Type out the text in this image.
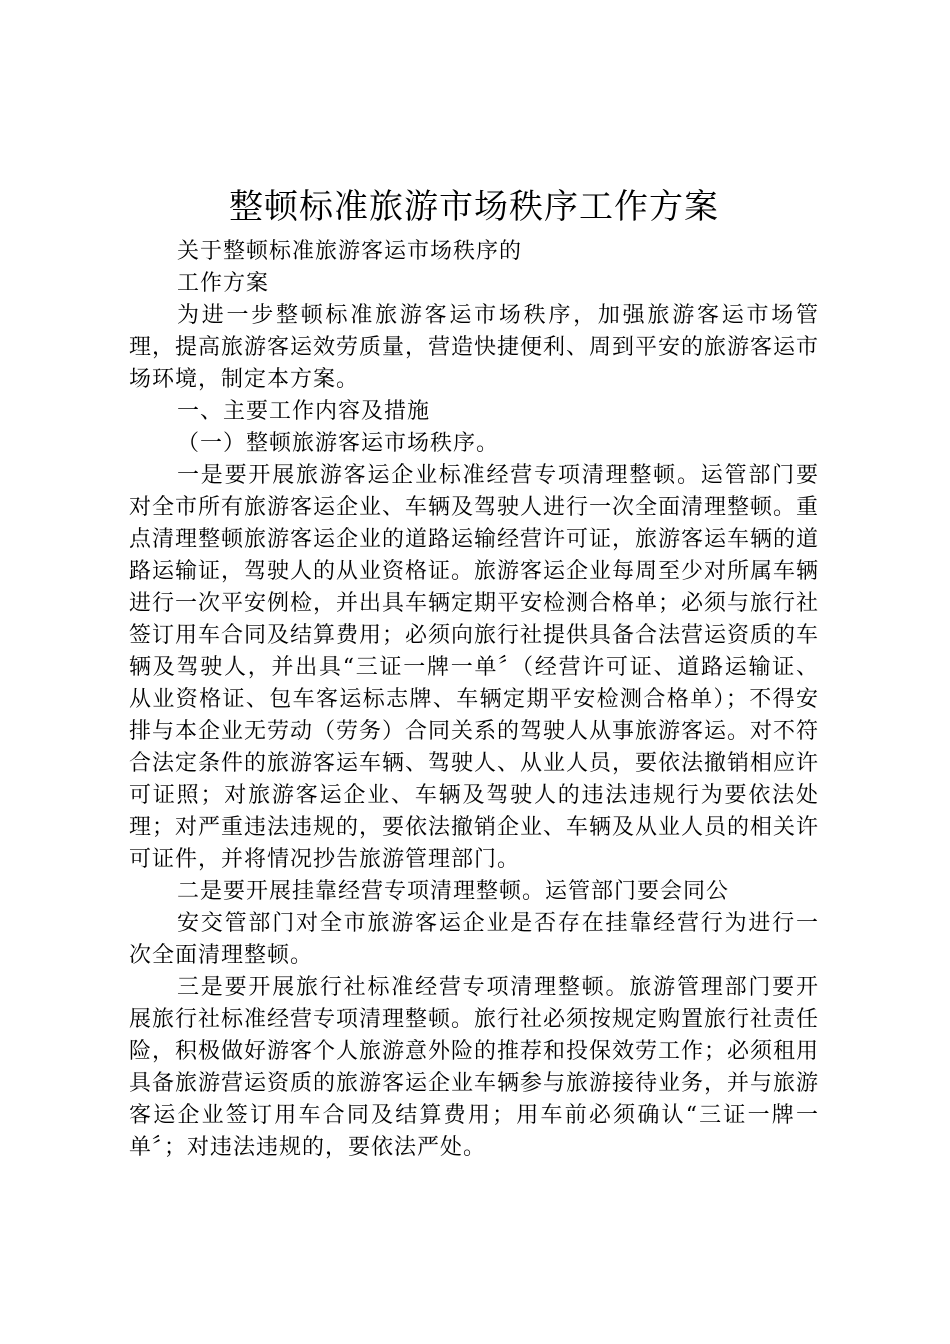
整顿标准旅游市场秩序工作方案

关于整顿标准旅游客运市场秩序的

工作方案

为进一步整顿标准旅游客运市场秩序，加强旅游客运市场管理，提高旅游客运效劳质量，营造快捷便利、周到平安的旅游客运市场环境，制定本方案。

一、主要工作内容及措施

（一）整顿旅游客运市场秩序。

一是要开展旅游客运企业标准经营专项清理整顿。运管部门要对全市所有旅游客运企业、车辆及驾驶人进行一次全面清理整顿。重点清理整顿旅游客运企业的道路运输经营许可证，旅游客运车辆的道路运输证，驾驶人的从业资格证。旅游客运企业每周至少对所属车辆进行一次平安例检，并出具车辆定期平安检测合格单；必须与旅行社签订用车合同及结算费用；必须向旅行社提供具备合法营运资质的车辆及驾驶人，并出具“三证一牌一单〞（经营许可证、道路运输证、从业资格证、包车客运标志牌、车辆定期平安检测合格单）；不得安排与本企业无劳动（劳务）合同关系的驾驶人从事旅游客运。对不符合法定条件的旅游客运车辆、驾驶人、从业人员，要依法撤销相应许可证照；对旅游客运企业、车辆及驾驶人的违法违规行为要依法处理；对严重违法违规的，要依法撤销企业、车辆及从业人员的相关许可证件，并将情况抄告旅游管理部门。

二是要开展挂靠经营专项清理整顿。运管部门要会同公

安交管部门对全市旅游客运企业是否存在挂靠经营行为进行一次全面清理整顿。

三是要开展旅行社标准经营专项清理整顿。旅游管理部门要开展旅行社标准经营专项清理整顿。旅行社必须按规定购置旅行社责任险，积极做好游客个人旅游意外险的推荐和投保效劳工作；必须租用具备旅游营运资质的旅游客运企业车辆参与旅游接待业务，并与旅游客运企业签订用车合同及结算费用；用车前必须确认“三证一牌一单〞；对违法违规的，要依法严处。
